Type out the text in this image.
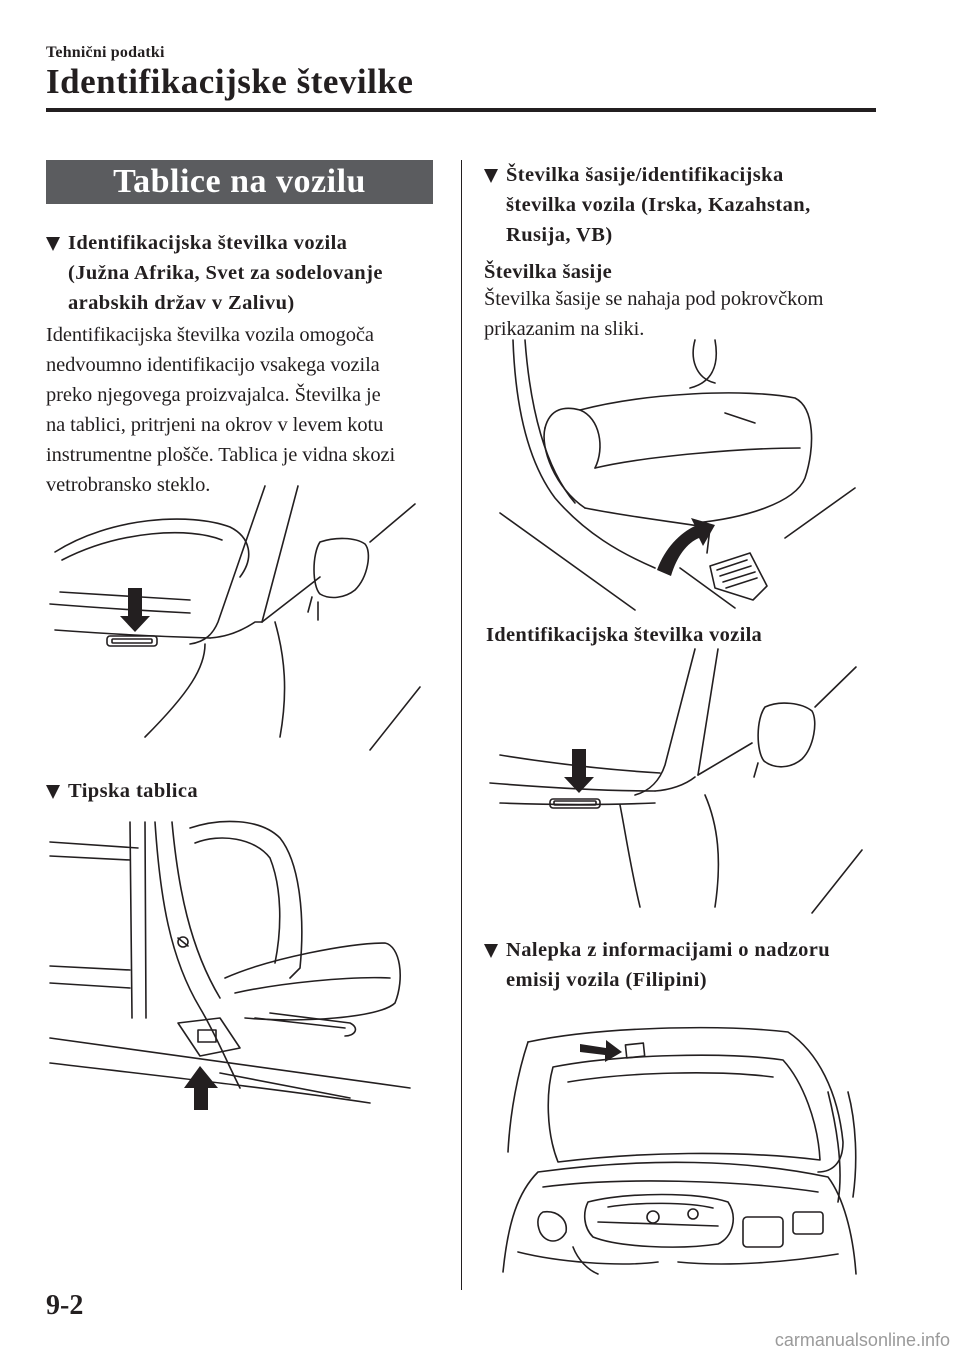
Tehnični podatki
Identifikacijske številke
Tablice na vozilu
Identifikacijska številka vozila
(Južna Afrika, Svet za sodelovanje
arabskih držav v Zalivu)
Identifikacijska številka vozila omogoča
nedvoumno identifikacijo vsakega vozila
preko njegovega proizvajalca. Številka je
na tablici, pritrjeni na okrov v levem kotu
instrumentne plošče. Tablica je vidna skozi
vetrobransko steklo.
Tipska tablica
Številka šasije/identifikacijska
številka vozila (Irska, Kazahstan,
Rusija, VB)
Številka šasije
Številka šasije se nahaja pod pokrovčkom
prikazanim na sliki.
Identifikacijska številka vozila
Nalepka z informacijami o nadzoru
emisij vozila (Filipini)
9-2
carmanualsonline.info
